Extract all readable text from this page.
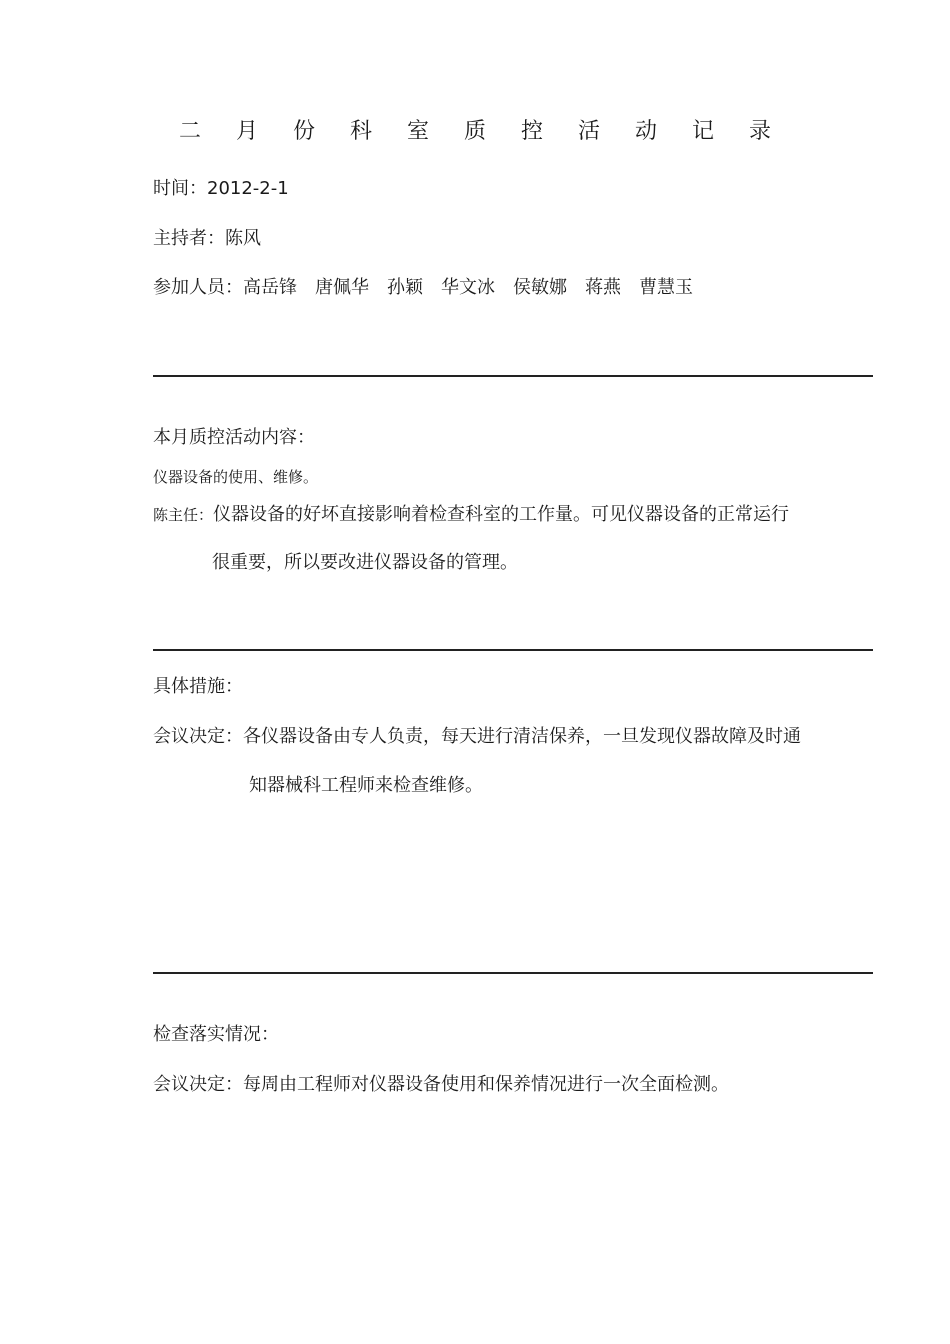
二 月 份 科 室 质 控 活 动 记 录
时间：2012-2-1
主持者：陈风
参加人员：高岳锋 唐佩华 孙颖 华文冰 侯敏娜 蒋燕 曹慧玉
本月质控活动内容：
仪器设备的使用、维修。
陈主任：仪器设备的好坏直接影响着检查科室的工作量。可见仪器设备的正常运行
很重要，所以要改进仪器设备的管理。
具体措施：
会议决定：各仪器设备由专人负责，每天进行清洁保养，一旦发现仪器故障及时通
知器械科工程师来检查维修。
检查落实情况：
会议决定：每周由工程师对仪器设备使用和保养情况进行一次全面检测。
